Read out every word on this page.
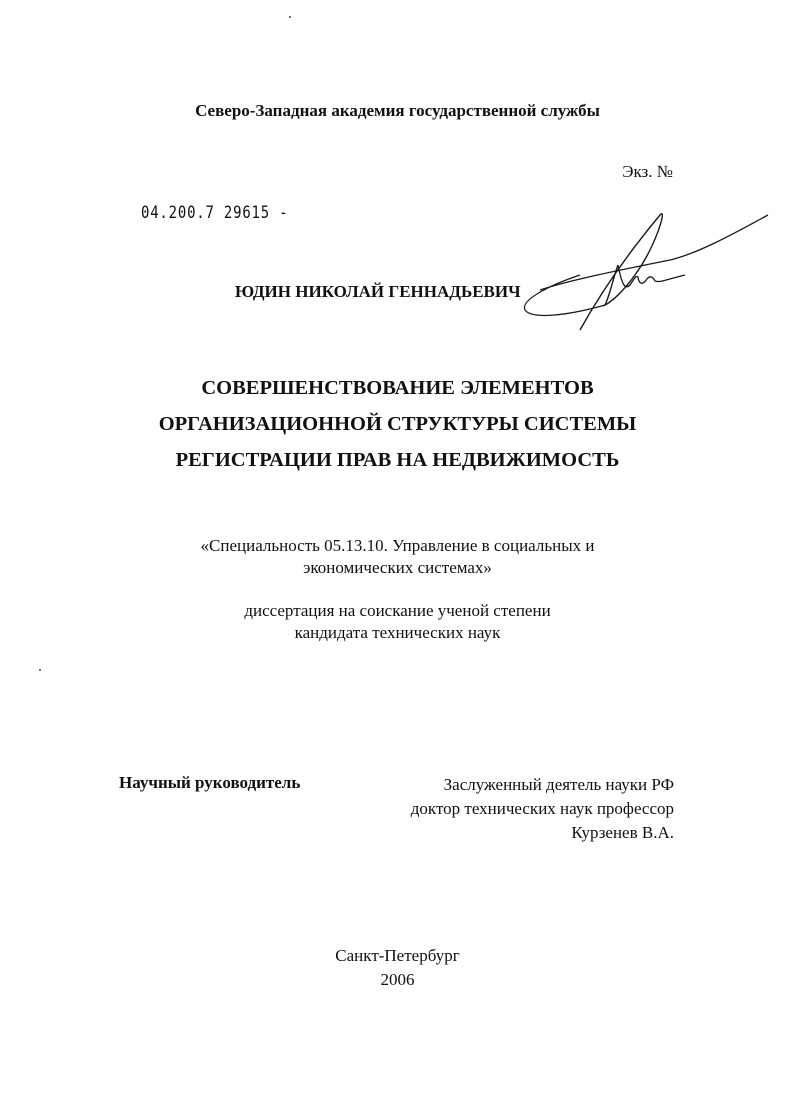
Северо-Западная академия государственной службы
Экз. №
04.200.7 29615 -
ЮДИН НИКОЛАЙ ГЕННАДЬЕВИЧ
СОВЕРШЕНСТВОВАНИЕ ЭЛЕМЕНТОВ
ОРГАНИЗАЦИОННОЙ СТРУКТУРЫ СИСТЕМЫ
РЕГИСТРАЦИИ ПРАВ НА НЕДВИЖИМОСТЬ
«Специальность 05.13.10. Управление в социальных и
экономических системах»
диссертация на соискание ученой степени
кандидата технических наук
Научный руководитель	Заслуженный деятель науки РФ
доктор технических наук профессор
Курзенев В.А.
Санкт-Петербург
2006
